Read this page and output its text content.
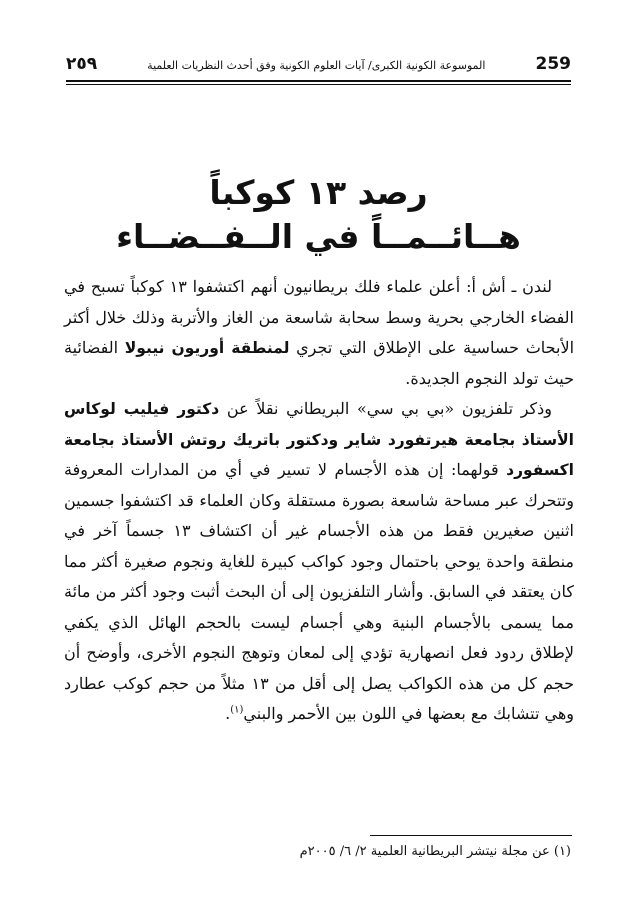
٢٥٩	الموسوعة الكونية الكبرى/ آيات العلوم الكونية وفق أحدث النظريات العلمية	259
رصد ١٣ كوكباً
هــائــمــاً في الــفــضــاء

لندن ـ أش أ: أعلن علماء فلك بريطانيون أنهم اكتشفوا ١٣ كوكباً تسبح في الفضاء الخارجي بحرية وسط سحابة شاسعة من الغاز والأتربة وذلك خلال أكثر الأبحاث حساسية على الإطلاق التي تجري لمنطقة أوريون نيبولا الفضائية حيث تولد النجوم الجديدة.

وذكر تلفزيون «بي بي سي» البريطاني نقلاً عن دكتور فيليب لوكاس الأستاذ بجامعة هيرتفورد شاير ودكتور باتريك روتش الأستاذ بجامعة اكسفورد قولهما: إن هذه الأجسام لا تسير في أي من المدارات المعروفة وتتحرك عبر مساحة شاسعة بصورة مستقلة وكان العلماء قد اكتشفوا جسمين اثنين صغيرين فقط من هذه الأجسام غير أن اكتشاف ١٣ جسماً آخر في منطقة واحدة يوحي باحتمال وجود كواكب كبيرة للغاية ونجوم صغيرة أكثر مما كان يعتقد في السابق. وأشار التلفزيون إلى أن البحث أثبت وجود أكثر من مائة مما يسمى بالأجسام البنية وهي أجسام ليست بالحجم الهائل الذي يكفي لإطلاق ردود فعل انصهارية تؤدي إلى لمعان وتوهج النجوم الأخرى، وأوضح أن حجم كل من هذه الكواكب يصل إلى أقل من ١٣ مثلاً من حجم كوكب عطارد وهي تتشابك مع بعضها في اللون بين الأحمر والبني$^{(١)}$.

(١) عن مجلة نيتشر البريطانية العلمية ٢/ ٦/ ٢٠٠٥م
